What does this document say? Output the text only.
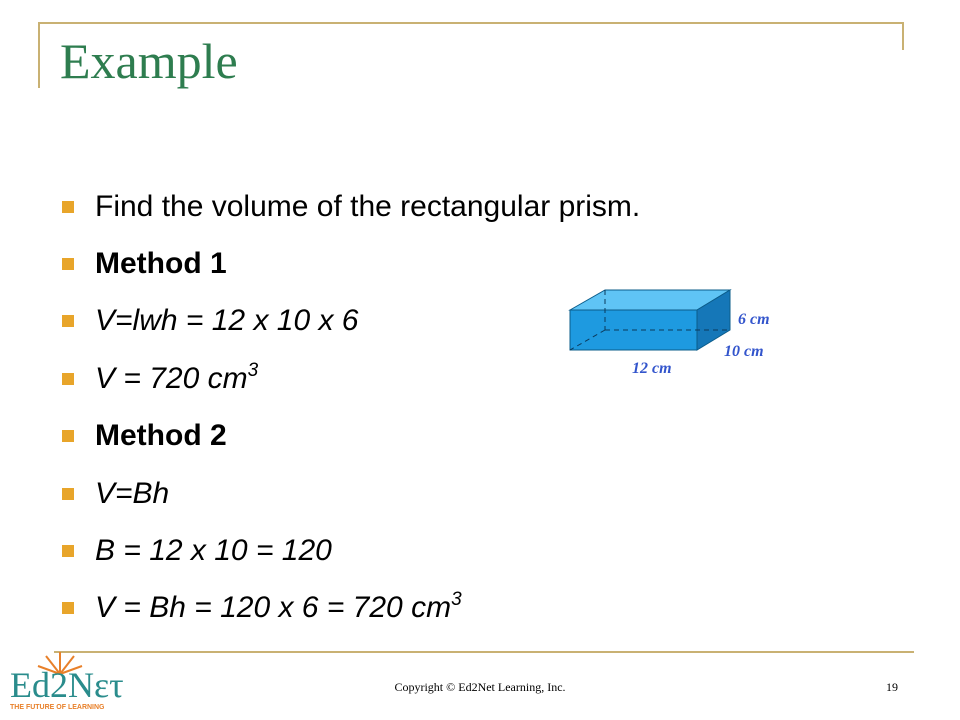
Example
Find the volume of the rectangular prism.
Method 1
V=lwh = 12 x 10 x 6
V = 720 $cm^3$
Method 2
V=Bh
B = 12 x 10 = 120
V = Bh = 120 x 6 = 720 $cm^3$
6 cm
10 cm
12 cm
Ed2Nετ
THE FUTURE OF LEARNING
Copyright © Ed2Net Learning, Inc.	19
